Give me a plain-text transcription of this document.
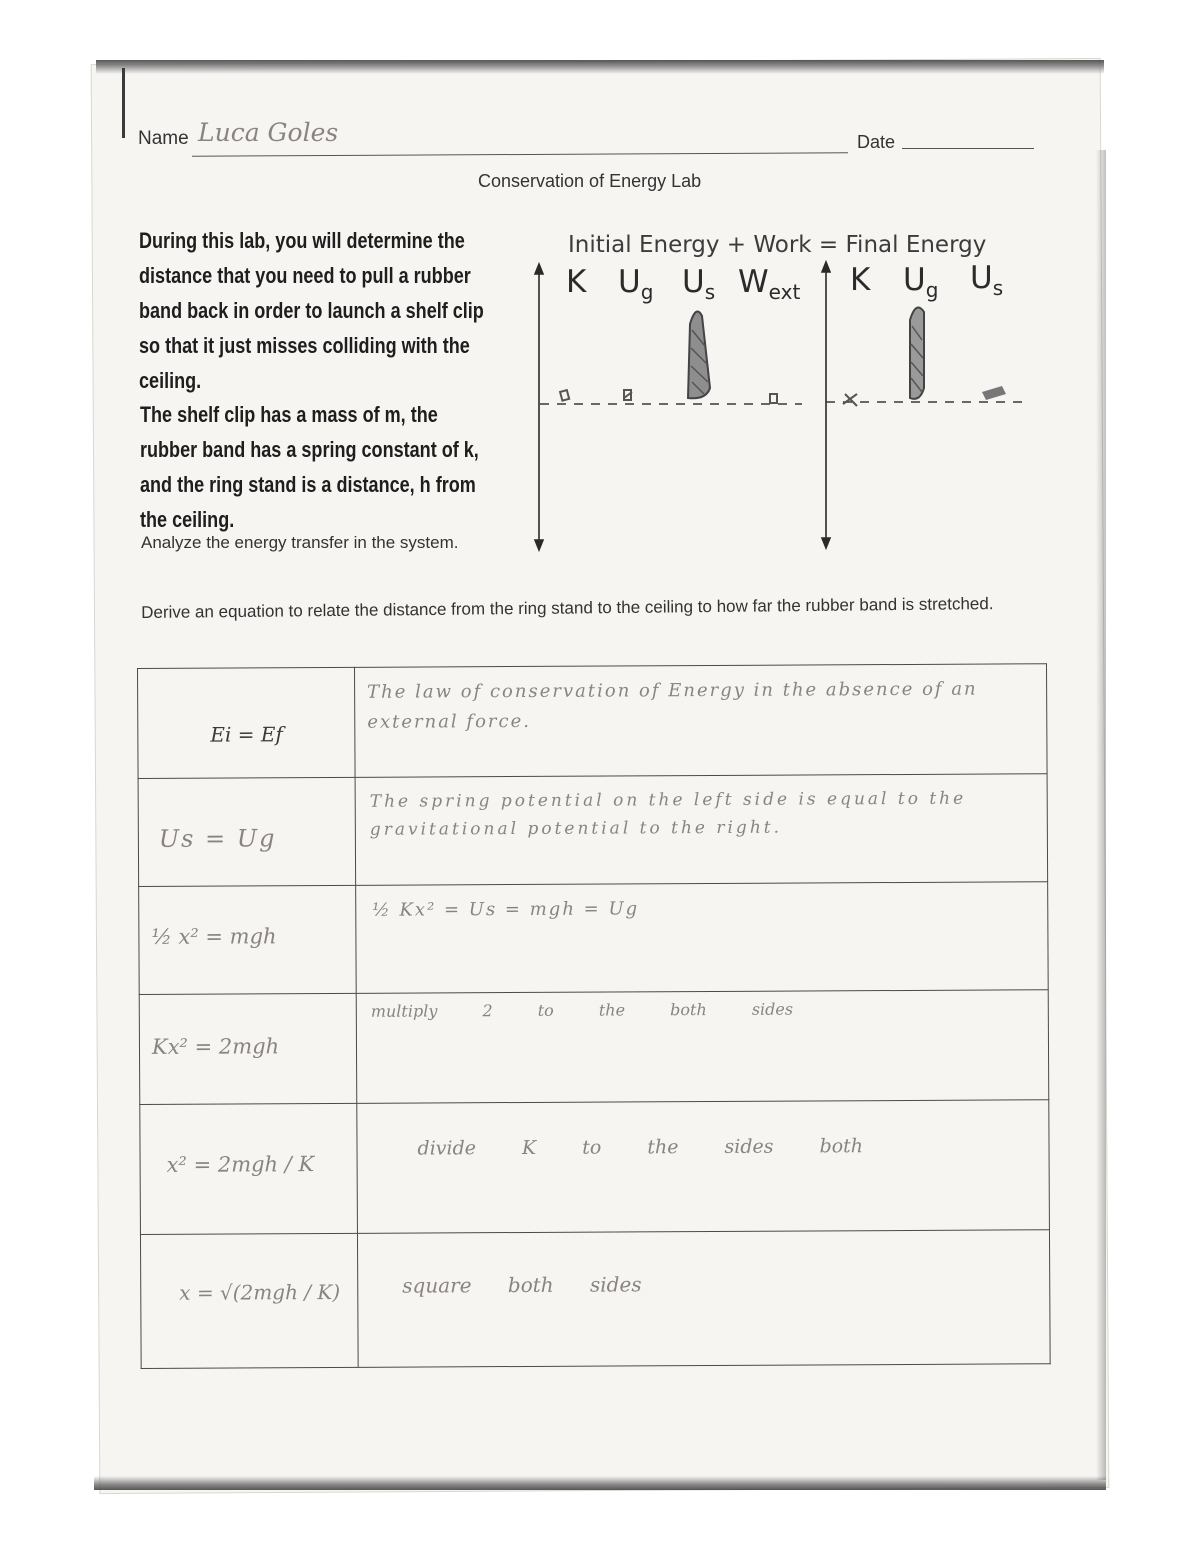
Name Luca Goles	Date
Conservation of Energy Lab
During this lab, you will determine the distance that you need to pull a rubber band back in order to launch a shelf clip so that it just misses colliding with the ceiling.
The shelf clip has a mass of m, the rubber band has a spring constant of k, and the ring stand is a distance, h from the ceiling.
Analyze the energy transfer in the system.
Initial Energy + Work = Final Energy
K $U_g$ $U_s$ $W_{ext}$ K $U_g$ $U_s$
Derive an equation to relate the distance from the ring stand to the ceiling to how far the rubber band is stretched.
Ei = Ef	The law of conservation of Energy in the absence of an external force.

Us = Ug	The spring potential on the left side is equal to the gravitational potential to the right.

½ x² = mgh	½ Kx² = Us = mgh = Ug

Kx² = 2mgh	multiply 2 to the both sides

x² = 2mgh / K	divide K to the sides both

x = √(2mgh / K)	square both sides
